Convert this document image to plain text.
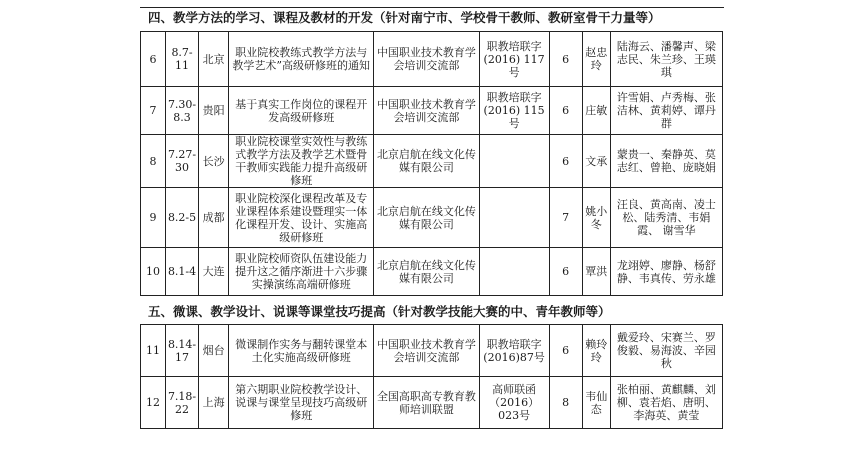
四、教学方法的学习、课程及教材的开发（针对南宁市、学校骨干教师、教研室骨干力量等）
6	8.7-11	北京	职业院校教练式教学方法与教学艺术”高级研修班的通知	中国职业技术教育学会培训交流部	职教培联字(2016) 117号	6	赵忠玲	陆海云、潘馨声、梁志民、朱兰珍、王瑛琪
7	7.30-8.3	贵阳	基于真实工作岗位的课程开发高级研修班	中国职业技术教育学会培训交流部	职教培联字(2016) 115号	6	庄敏	许雪娟、卢秀梅、张洁林、黄莉婷、谭丹群
8	7.27-30	长沙	职业院校课堂实效性与教练式教学方法及教学艺术暨骨干教师实践能力提升高级研修班	北京启航在线文化传媒有限公司		6	文承	蒙贵一、秦静英、莫志红、曾艳、庞晓娟
9	8.2-5	成都	职业院校深化课程改革及专业课程体系建设暨理实一体化课程开发、设计、实施高级研修班	北京启航在线文化传媒有限公司		7	姚小冬	汪良、黄高南、凌士松、陆秀清、韦娟霞、 谢雪华
10	8.1-4	大连	职业院校师资队伍建设能力提升这之循序渐进十六步骤实操演练高端研修班	北京启航在线文化传媒有限公司		6	覃洪	龙翊婷、廖静、杨舒静、韦真传、劳永雄
五、微课、教学设计、说课等课堂技巧提高（针对教学技能大赛的中、青年教师等）
11	8.14-17	烟台	微课制作实务与翻转课堂本土化实施高级研修班	中国职业技术教育学会培训交流部	职教培联字(2016)87号	6	赖玲玲	戴爱玲、宋赛兰、罗俊毅、易海波、辛园秋
12	7.18-22	上海	第六期职业院校教学设计、说课与课堂呈现技巧高级研修班	全国高职高专教育教师培训联盟	高师联函（2016）023号	8	韦仙态	张柏丽、黄麒麟、刘柳、袁若焰、唐明、李海英、黄莹
